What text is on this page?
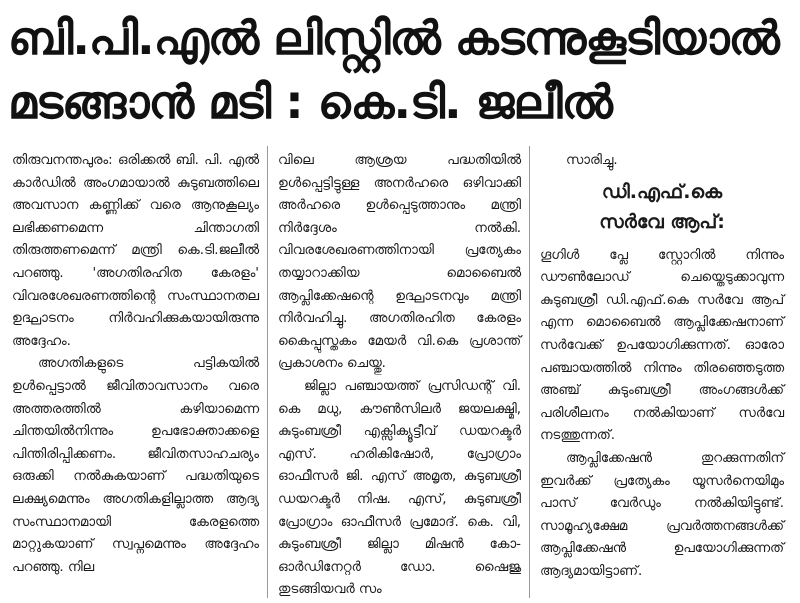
ബി.പി.എൽ ലിസ്റ്റിൽ കടന്നുകൂടിയാൽ
മടങ്ങാൻ മടി : കെ.ടി. ജലീൽ

തിരുവനന്തപുരം: ഒരിക്കൽ ബി. പി. എൽ കാർഡിൽ അംഗമായാൽ കുടുബത്തിലെ അവസാന കണ്ണിക്ക് വരെ ആനുകൂല്യം ലഭിക്കണമെന്ന ചിന്താഗതി തിരുത്തണമെന്ന് മന്ത്രി കെ.ടി.ജലീൽ പറഞ്ഞു. 'അഗതിരഹിത കേരളം' വിവരശേഖരണത്തിന്റെ സംസ്ഥാനതല ഉദ്ഘാടനം നിർവഹിക്കുകയായിരുന്നു അദ്ദേഹം.

അഗതികളുടെ പട്ടികയിൽ ഉൾപ്പെട്ടാൽ ജീവിതാവസാനം വരെ അത്തരത്തിൽ കഴിയാമെന്ന ചിന്തയിൽനിന്നും ഉപഭോക്താക്കളെ പിന്തിരിപ്പിക്കണം. ജീവിതസാഹചര്യം ഒരുക്കി നൽകുകയാണ് പദ്ധതിയുടെ ലക്ഷ്യമെന്നും അഗതികളില്ലാത്ത ആദ്യ സംസ്ഥാനമായി കേരളത്തെ മാറ്റുകയാണ് സ്വപ്നമെന്നും അദ്ദേഹം പറഞ്ഞു. നില

വിലെ ആശ്രയ പദ്ധതിയിൽ ഉൾപ്പെട്ടിട്ടുള്ള അനർഹരെ ഒഴിവാക്കി അർഹരെ ഉൾപ്പെടുത്താനും മന്ത്രി നിർദ്ദേശം നൽകി. വിവരശേഖരണത്തിനായി പ്രത്യേകം തയ്യാറാക്കിയ മൊബൈൽ ആപ്ലിക്കേഷന്റെ ഉദ്ഘാടനവും മന്ത്രി നിർവഹിച്ചു. അഗതിരഹിത കേരളം കൈപ്പുസ്തകം മേയർ വി.കെ പ്രശാന്ത് പ്രകാശനം ചെയ്തു.

ജില്ലാ പഞ്ചായത്ത് പ്രസിഡന്റ് വി. കെ മധു, കൗൺസിലർ ജയലക്ഷ്മി, കുടുംബശ്രീ എക്സിക്യൂട്ടീവ് ഡയറക്ടർ എസ്. ഹരികിഷോർ, പ്രോഗ്രാം ഓഫീസർ ജി. എസ് അമൃത, കുടുബശ്രീ ഡയറക്ടർ നിഷ. എസ്, കുടുബശ്രീ പ്രോഗ്രാം ഓഫീസർ പ്രമോദ്. കെ. വി, കുടുംബശ്രീ ജില്ലാ മിഷൻ കോ-ഓർഡിനേറ്റർ ഡോ. ഷൈജു തുടങ്ങിയവർ സം

സാരിച്ചു.

ഡി.എഫ്.കെ
സർവേ ആപ്:

ഗൂഗിൾ പ്ലേ സ്റ്റോറിൽ നിന്നും ഡൗൺലോഡ് ചെയ്തെടുക്കാവുന്ന കുടുബശ്രീ ഡി.എഫ്.കെ സർവേ ആപ് എന്ന മൊബൈൽ ആപ്ലിക്കേഷനാണ് സർവേക്ക് ഉപയോഗിക്കുന്നത്. ഓരോ പഞ്ചായത്തിൽ നിന്നും തിരഞ്ഞെടുത്ത അഞ്ച് കുടുംബശ്രീ അംഗങ്ങൾക്ക് പരിശീലനം നൽകിയാണ് സർവേ നടത്തുന്നത്.

ആപ്ലിക്കേഷൻ തുറക്കുന്നതിന് ഇവർക്ക് പ്രത്യേകം യൂസർനെയിമും പാസ് വേർഡും നൽകിയിട്ടുണ്ട്. സാമൂഹ്യക്ഷേമ പ്രവർത്തനങ്ങൾക്ക് ആപ്ലിക്കേഷൻ ഉപയോഗിക്കുന്നത് ആദ്യമായിട്ടാണ്.
